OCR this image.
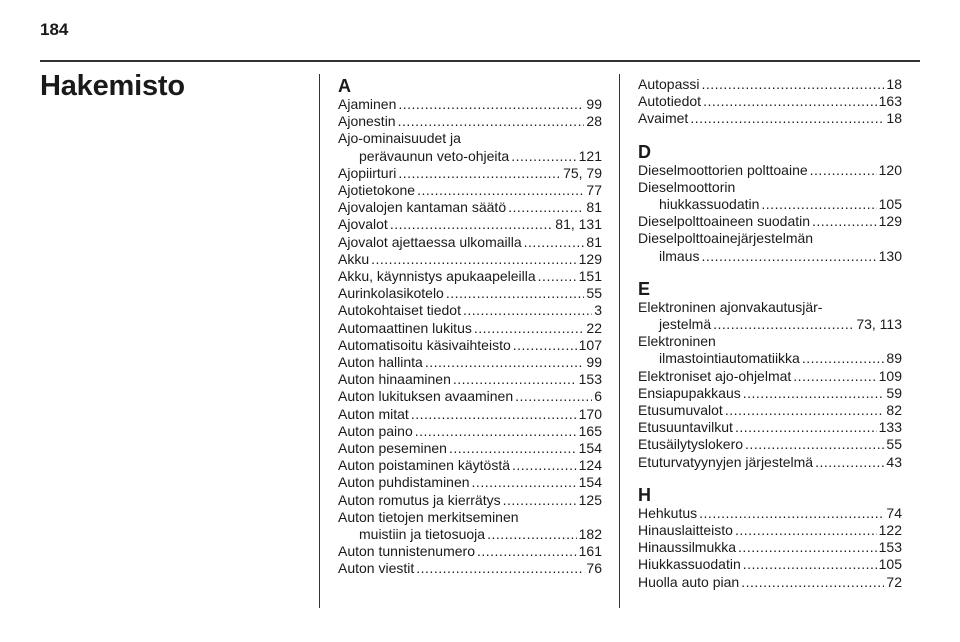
184
Hakemisto	A
Ajaminen .....	99
Ajonestin .....	28
Ajo-ominaisuudet ja
perävaunun veto-ohjeita .....	121
Ajopiirturi .....	75, 79
Ajotietokone .....	77
Ajovalojen kantaman säätö .....	81
Ajovalot .....	81, 131
Ajovalot ajettaessa ulkomailla .....	81
Akku .....	129
Akku, käynnistys apukaapeleilla .....	151
Aurinkolasikotelo .....	55
Autokohtaiset tiedot .....	3
Automaattinen lukitus .....	22
Automatisoitu käsivaihteisto .....	107
Auton hallinta .....	99
Auton hinaaminen .....	153
Auton lukituksen avaaminen .....	6
Auton mitat .....	170
Auton paino .....	165
Auton peseminen .....	154
Auton poistaminen käytöstä .....	124
Auton puhdistaminen .....	154
Auton romutus ja kierrätys .....	125
Auton tietojen merkitseminen
muistiin ja tietosuoja .....	182
Auton tunnistenumero .....	161
Auton viestit .....	76
Autopassi .....	18
Autotiedot .....	163
Avaimet .....	18
D
Dieselmoottorien polttoaine .....	120
Dieselmoottorin
hiukkassuodatin .....	105
Dieselpolttoaineen suodatin .....	129
Dieselpolttoainejärjestelmän
ilmaus .....	130
E
Elektroninen ajonvakautusjär-
jestelmä .....	73, 113
Elektroninen
ilmastointiautomatiikka .....	89
Elektroniset ajo-ohjelmat .....	109
Ensiapupakkaus .....	59
Etusumuvalot .....	82
Etusuuntavilkut .....	133
Etusäilytyslokero .....	55
Etuturvatyynyjen järjestelmä .....	43
H
Hehkutus .....	74
Hinauslaitteisto .....	122
Hinaussilmukka .....	153
Hiukkassuodatin .....	105
Huolla auto pian .....	72
